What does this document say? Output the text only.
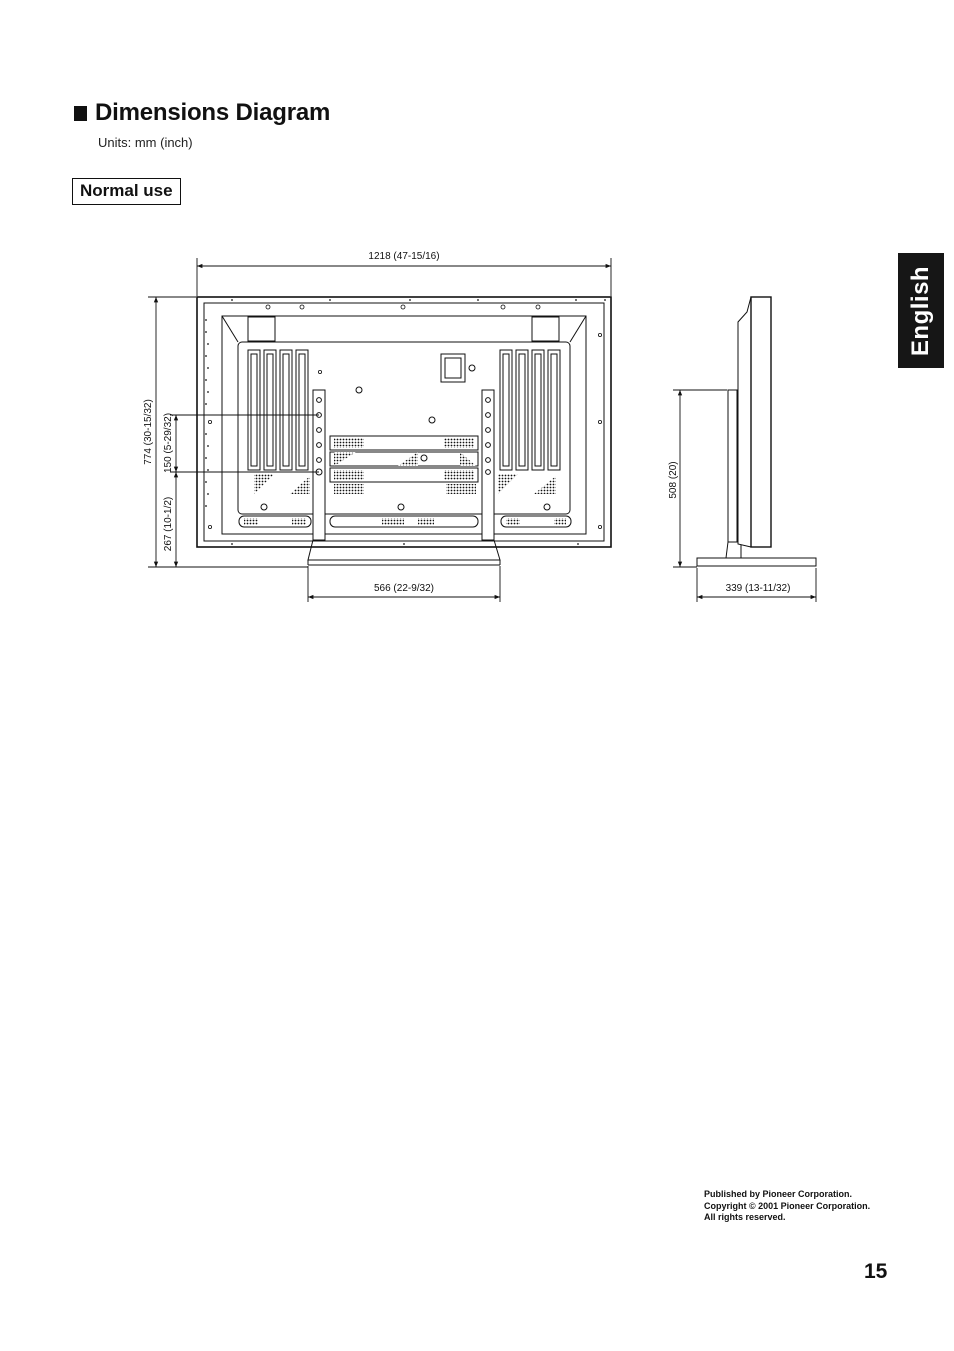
Dimensions Diagram
Units: mm (inch)
Normal use
English
1218 (47-15/16)
774 (30-15/32) 150 (5-29/32)
267 (10-1/2)
566 (22-9/32)
508 (20)
339 (13-11/32)
Published by Pioneer Corporation.
Copyright © 2001 Pioneer Corporation.
All rights reserved.
15
